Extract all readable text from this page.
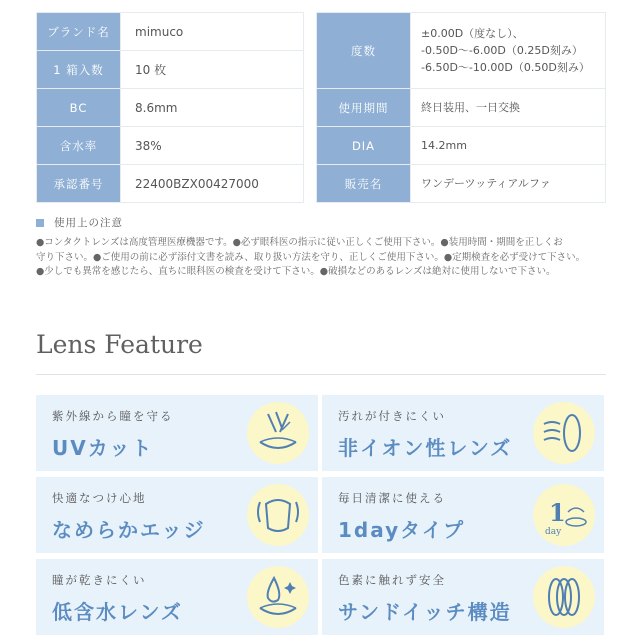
ブランド名	mimuco
1 箱入数	10 枚
BC	8.6mm
含水率	38%
承認番号	22400BZX00427000
度数	±0.00D（度なし）、
-0.50D〜-6.00D（0.25D刻み）
-6.50D〜-10.00D（0.50D刻み）

使用期間	終日装用、一日交換
DIA	14.2mm
販売名	ワンデーツッティアルファ
使用上の注意

●コンタクトレンズは高度管理医療機器です。●必ず眼科医の指示に従い正しくご使用下さい。●装用時間・期間を正しくお

守り下さい。●ご使用の前に必ず添付文書を読み、取り扱い方法を守り、正しくご使用下さい。●定期検査を必ず受けて下さい。

●少しでも異常を感じたら、直ちに眼科医の検査を受けて下さい。●破損などのあるレンズは絶対に使用しないで下さい。

Lens Feature
紫外線から瞳を守る
UVカット
汚れが付きにくい
非イオン性レンズ
快適なつけ心地
なめらかエッジ
毎日清潔に使える
1dayタイプ
1
day
瞳が乾きにくい
低含水レンズ
色素に触れず安全
サンドイッチ構造
